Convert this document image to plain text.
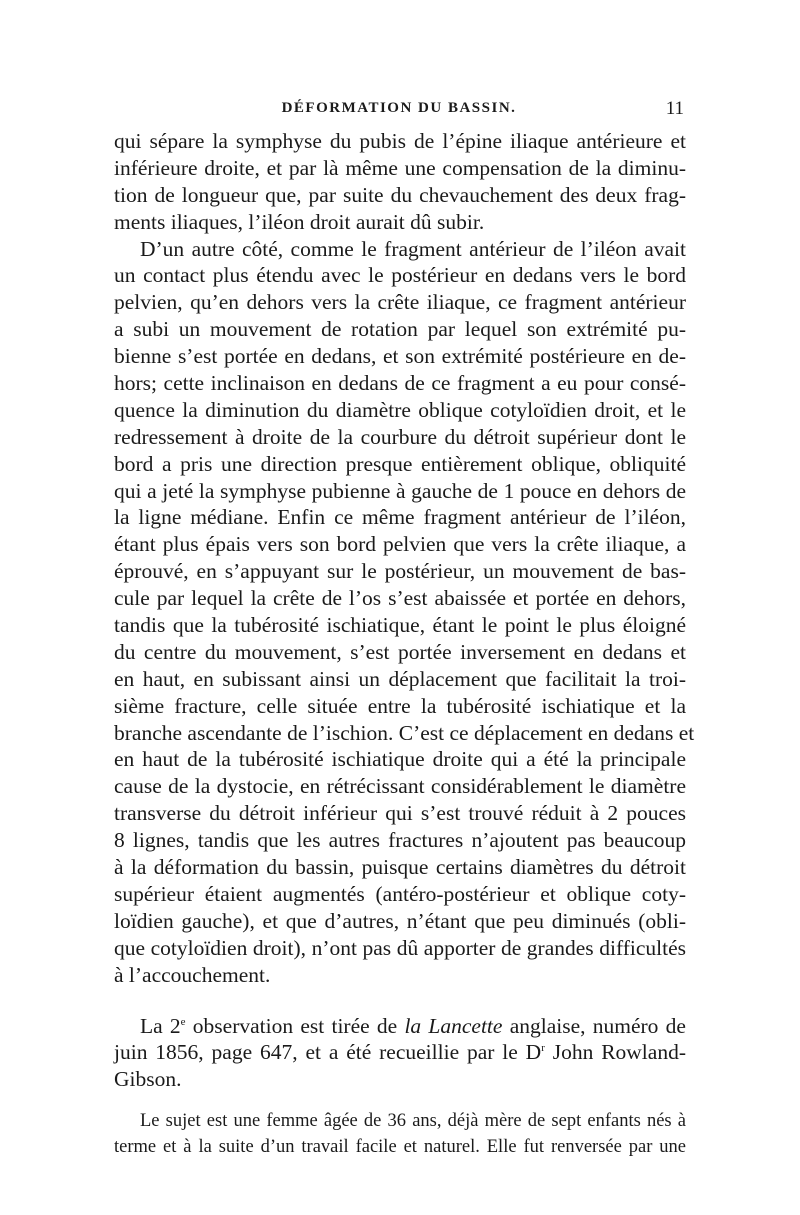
DÉFORMATION DU BASSIN.	11
qui sépare la symphyse du pubis de l’épine iliaque antérieure et
inférieure droite, et par là même une compensation de la diminu-
tion de longueur que, par suite du chevauchement des deux frag-
ments iliaques, l’iléon droit aurait dû subir.
D’un autre côté, comme le fragment antérieur de l’iléon avait
un contact plus étendu avec le postérieur en dedans vers le bord
pelvien, qu’en dehors vers la crête iliaque, ce fragment antérieur
a subi un mouvement de rotation par lequel son extrémité pu-
bienne s’est portée en dedans, et son extrémité postérieure en de-
hors; cette inclinaison en dedans de ce fragment a eu pour consé-
quence la diminution du diamètre oblique cotyloïdien droit, et le
redressement à droite de la courbure du détroit supérieur dont le
bord a pris une direction presque entièrement oblique, obliquité
qui a jeté la symphyse pubienne à gauche de 1 pouce en dehors de
la ligne médiane. Enfin ce même fragment antérieur de l’iléon,
étant plus épais vers son bord pelvien que vers la crête iliaque, a
éprouvé, en s’appuyant sur le postérieur, un mouvement de bas-
cule par lequel la crête de l’os s’est abaissée et portée en dehors,
tandis que la tubérosité ischiatique, étant le point le plus éloigné
du centre du mouvement, s’est portée inversement en dedans et
en haut, en subissant ainsi un déplacement que facilitait la troi-
sième fracture, celle située entre la tubérosité ischiatique et la
branche ascendante de l’ischion. C’est ce déplacement en dedans et
en haut de la tubérosité ischiatique droite qui a été la principale
cause de la dystocie, en rétrécissant considérablement le diamètre
transverse du détroit inférieur qui s’est trouvé réduit à 2 pouces
8 lignes, tandis que les autres fractures n’ajoutent pas beaucoup
à la déformation du bassin, puisque certains diamètres du détroit
supérieur étaient augmentés (antéro-postérieur et oblique coty-
loïdien gauche), et que d’autres, n’étant que peu diminués (obli-
que cotyloïdien droit), n’ont pas dû apporter de grandes difficultés
à l’accouchement.
La 2e observation est tirée de la Lancette anglaise, numéro de
juin 1856, page 647, et a été recueillie par le $D^r$ John Rowland-
Gibson.
Le sujet est une femme âgée de 36 ans, déjà mère de sept enfants nés à
terme et à la suite d’un travail facile et naturel. Elle fut renversée par une
